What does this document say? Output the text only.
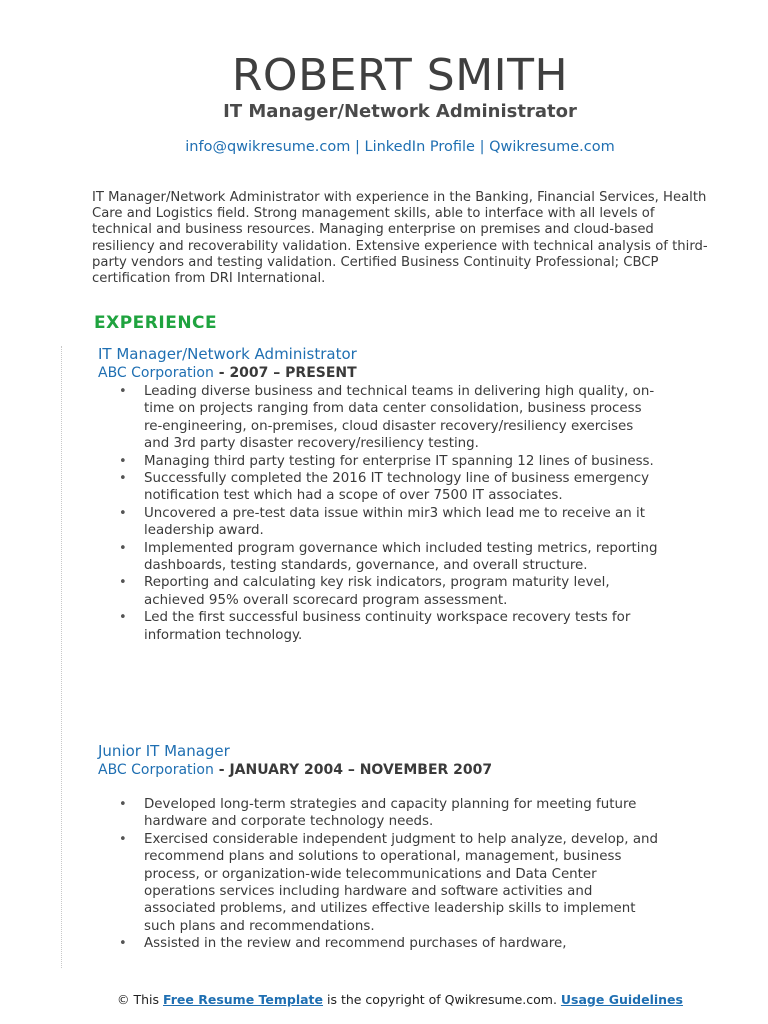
ROBERT SMITH
IT Manager/Network Administrator
info@qwikresume.com | LinkedIn Profile | Qwikresume.com
IT Manager/Network Administrator with experience in the Banking, Financial Services, Health Care and Logistics field. Strong management skills, able to interface with all levels of technical and business resources. Managing enterprise on premises and cloud-based resiliency and recoverability validation. Extensive experience with technical analysis of third-party vendors and testing validation. Certified Business Continuity Professional; CBCP certification from DRI International.
EXPERIENCE
IT Manager/Network Administrator
ABC Corporation - 2007 – PRESENT
• Leading diverse business and technical teams in delivering high quality, on-time on projects ranging from data center consolidation, business process re-engineering, on-premises, cloud disaster recovery/resiliency exercises and 3rd party disaster recovery/resiliency testing.
• Managing third party testing for enterprise IT spanning 12 lines of business.
• Successfully completed the 2016 IT technology line of business emergency notification test which had a scope of over 7500 IT associates.
• Uncovered a pre-test data issue within mir3 which lead me to receive an it leadership award.
• Implemented program governance which included testing metrics, reporting dashboards, testing standards, governance, and overall structure.
• Reporting and calculating key risk indicators, program maturity level, achieved 95% overall scorecard program assessment.
• Led the first successful business continuity workspace recovery tests for information technology.
Junior IT Manager
ABC Corporation - JANUARY 2004 – NOVEMBER 2007
• Developed long-term strategies and capacity planning for meeting future hardware and corporate technology needs.
• Exercised considerable independent judgment to help analyze, develop, and recommend plans and solutions to operational, management, business process, or organization-wide telecommunications and Data Center operations services including hardware and software activities and associated problems, and utilizes effective leadership skills to implement such plans and recommendations.
• Assisted in the review and recommend purchases of hardware,
© This Free Resume Template is the copyright of Qwikresume.com. Usage Guidelines
